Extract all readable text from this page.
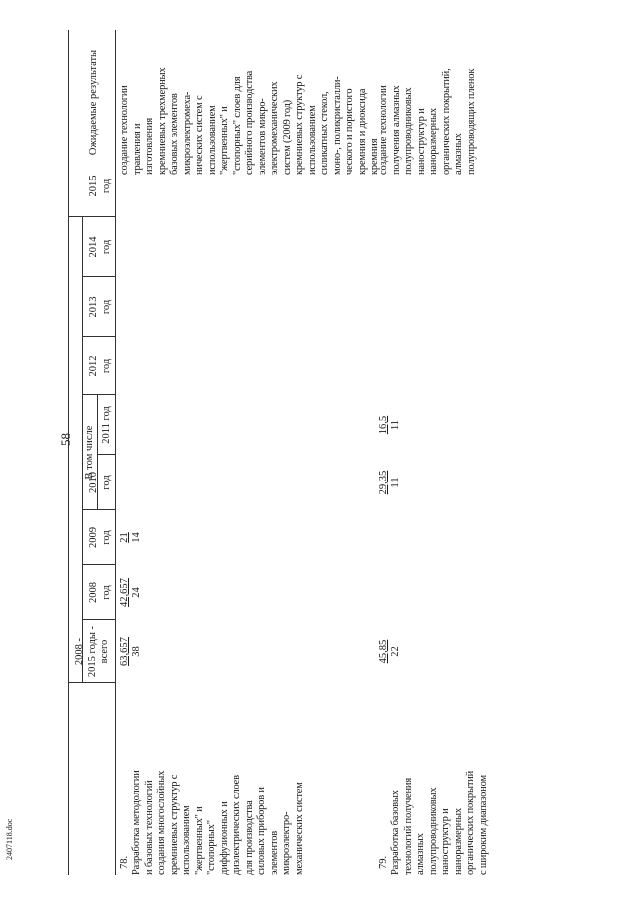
58
2407118.doc
2008 -
2015 годы -
всего
2008
год
2009
год
2010
год
В том числе
2011 год
2012
год
2013
год
2014
год
2015
год
Ожидаемые результаты
78. Разработка методологии
и базовых технологий
создания многослойных
кремниевых структур с
использованием
"жертвенных" и
"стопорных"
диффузионных и
диэлектрических слоев
для производства
силовых приборов и
элементов
микроэлектро-
механических систем
63,657 38
42,657 24
21 14
создание технологии
травления и
изготовления
кремниевых трехмерных
базовых элементов
микроэлектромеха-
нических систем с
использованием
"жертвенных" и
"стопорных" слоев для
серийного производства
элементов микро-
электромеханических
систем (2009 год)
кремниевых структур с
использованием
силикатных стекол,
моно-, поликристалли-
ческого и пористого
кремния и диоксида
кремния
79. Разработка базовых
технологий получения
алмазных
полупроводниковых
наноструктур и
наноразмерных
органических покрытий
с широким диапазоном
45,85 22
29,35 11
16,5 11
создание технологии
получения алмазных
полупроводниковых
наноструктур и
наноразмерных
органических покрытий,
алмазных
полупроводящих пленок
